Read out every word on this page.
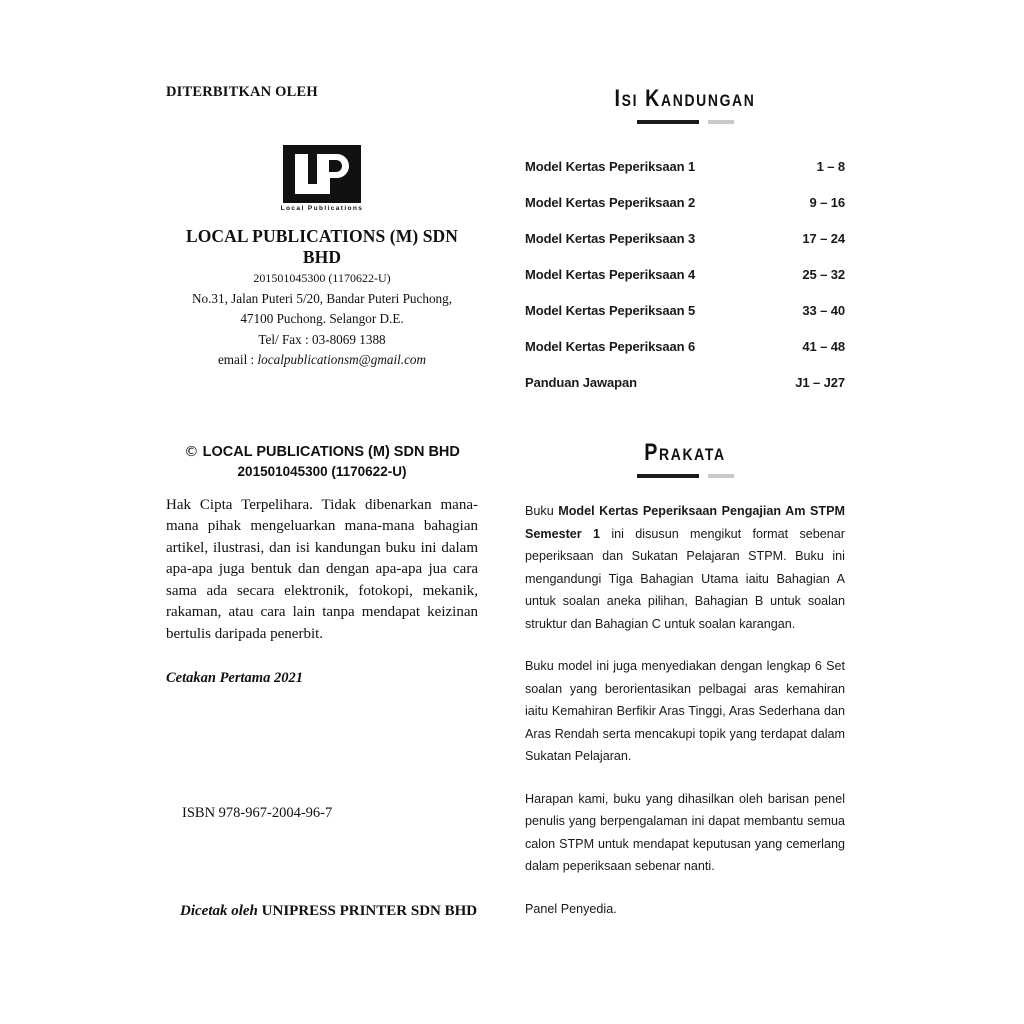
DITERBITKAN OLEH
Local Publications
LOCAL PUBLICATIONS (M) SDN BHD
201501045300 (1170622-U)
No.31, Jalan Puteri 5/20, Bandar Puteri Puchong,
47100 Puchong. Selangor D.E.
Tel/ Fax : 03-8069 1388
email : localpublicationsm@gmail.com
© LOCAL PUBLICATIONS (M) SDN BHD
201501045300 (1170622-U)
Hak Cipta Terpelihara. Tidak dibenarkan mana-mana pihak mengeluarkan mana-mana bahagian artikel, ilustrasi, dan isi kandungan buku ini dalam apa-apa juga bentuk dan dengan apa-apa jua cara sama ada secara elektronik, fotokopi, mekanik, rakaman, atau cara lain tanpa mendapat keizinan bertulis daripada penerbit.
Cetakan Pertama 2021
ISBN 978-967-2004-96-7
Dicetak oleh UNIPRESS PRINTER SDN BHD
Isi Kandungan
Model Kertas Peperiksaan 1	1 – 8
Model Kertas Peperiksaan 2	9 – 16
Model Kertas Peperiksaan 3	17 – 24
Model Kertas Peperiksaan 4	25 – 32
Model Kertas Peperiksaan 5	33 – 40
Model Kertas Peperiksaan 6	41 – 48
Panduan Jawapan	J1 – J27
Prakata

Buku Model Kertas Peperiksaan Pengajian Am STPM Semester 1 ini disusun mengikut format sebenar peperiksaan dan Sukatan Pelajaran STPM. Buku ini mengandungi Tiga Bahagian Utama iaitu Bahagian A untuk soalan aneka pilihan, Bahagian B untuk soalan struktur dan Bahagian C untuk soalan karangan.

Buku model ini juga menyediakan dengan lengkap 6 Set soalan yang berorientasikan pelbagai aras kemahiran iaitu Kemahiran Berfikir Aras Tinggi, Aras Sederhana dan Aras Rendah serta mencakupi topik yang terdapat dalam Sukatan Pelajaran.

Harapan kami, buku yang dihasilkan oleh barisan penel penulis yang berpengalaman ini dapat membantu semua calon STPM untuk mendapat keputusan yang cemerlang dalam peperiksaan sebenar nanti.

Panel Penyedia.
